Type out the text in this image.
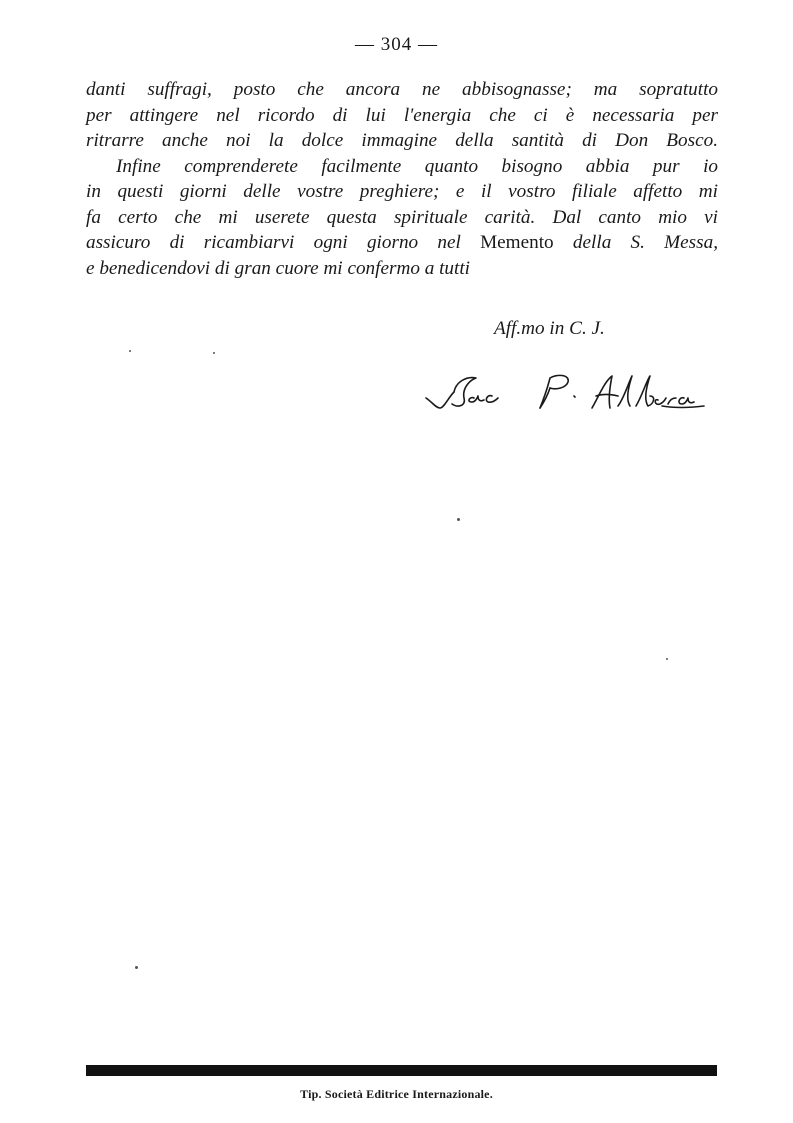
— 304 —

danti suffragi, posto che ancora ne abbisognasse; ma sopratutto
per attingere nel ricordo di lui l'energia che ci è necessaria per
ritrarre anche noi la dolce immagine della santità di Don Bosco.

Infine comprenderete facilmente quanto bisogno abbia pur io
in questi giorni delle vostre preghiere; e il vostro filiale affetto mi
fa certo che mi userete questa spirituale carità. Dal canto mio vi
assicuro di ricambiarvi ogni giorno nel Memento della S. Messa,
e benedicendovi di gran cuore mi confermo a tutti

Aff.mo in C. J.
Tip. Società Editrice Internazionale.
